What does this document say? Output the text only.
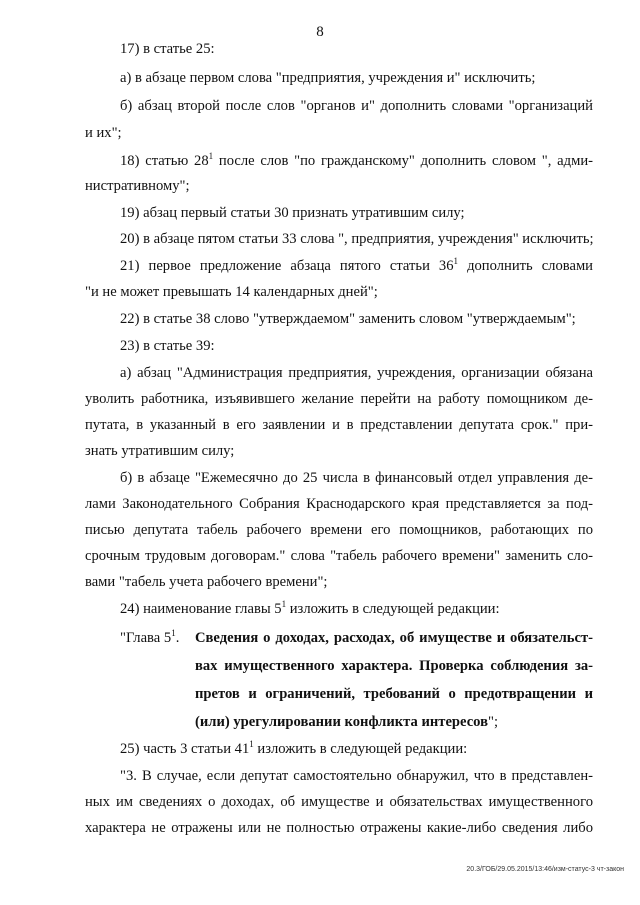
8
17) в статье 25:
а) в абзаце первом слова "предприятия, учреждения и" исключить;
б) абзац второй после слов "органов и" дополнить словами "организаций
и их";
18) статью $28^1$ после слов "по гражданскому" дополнить словом ", адми-
нистративному";
19) абзац первый статьи 30 признать утратившим силу;
20) в абзаце пятом статьи 33 слова ", предприятия, учреждения" исключить;
21) первое предложение абзаца пятого статьи $36^1$ дополнить словами
"и не может превышать 14 календарных дней";
22) в статье 38 слово "утверждаемом" заменить словом "утверждаемым";
23) в статье 39:
а) абзац "Администрация предприятия, учреждения, организации обязана
уволить работника, изъявившего желание перейти на работу помощником де-
путата, в указанный в его заявлении и в представлении депутата срок." при-
знать утратившим силу;
б) в абзаце "Ежемесячно до 25 числа в финансовый отдел управления де-
лами Законодательного Собрания Краснодарского края представляется за под-
писью депутата табель рабочего времени его помощников, работающих по
срочным трудовым договорам." слова "табель рабочего времени" заменить сло-
вами "табель учета рабочего времени";
24) наименование главы $5^1$ изложить в следующей редакции:
"Глава $5^1$. Сведения о доходах, расходах, об имуществе и обязательст-
вах имущественного характера. Проверка соблюдения за-
претов и ограничений, требований о предотвращении и
(или) урегулировании конфликта интересов";
25) часть 3 статьи $41^1$ изложить в следующей редакции:
"3. В случае, если депутат самостоятельно обнаружил, что в представлен-
ных им сведениях о доходах, об имуществе и обязательствах имущественного
характера не отражены или не полностью отражены какие-либо сведения либо
20.3/ГОБ/29.05.2015/13:46/изм-статус-3 чт-закон
